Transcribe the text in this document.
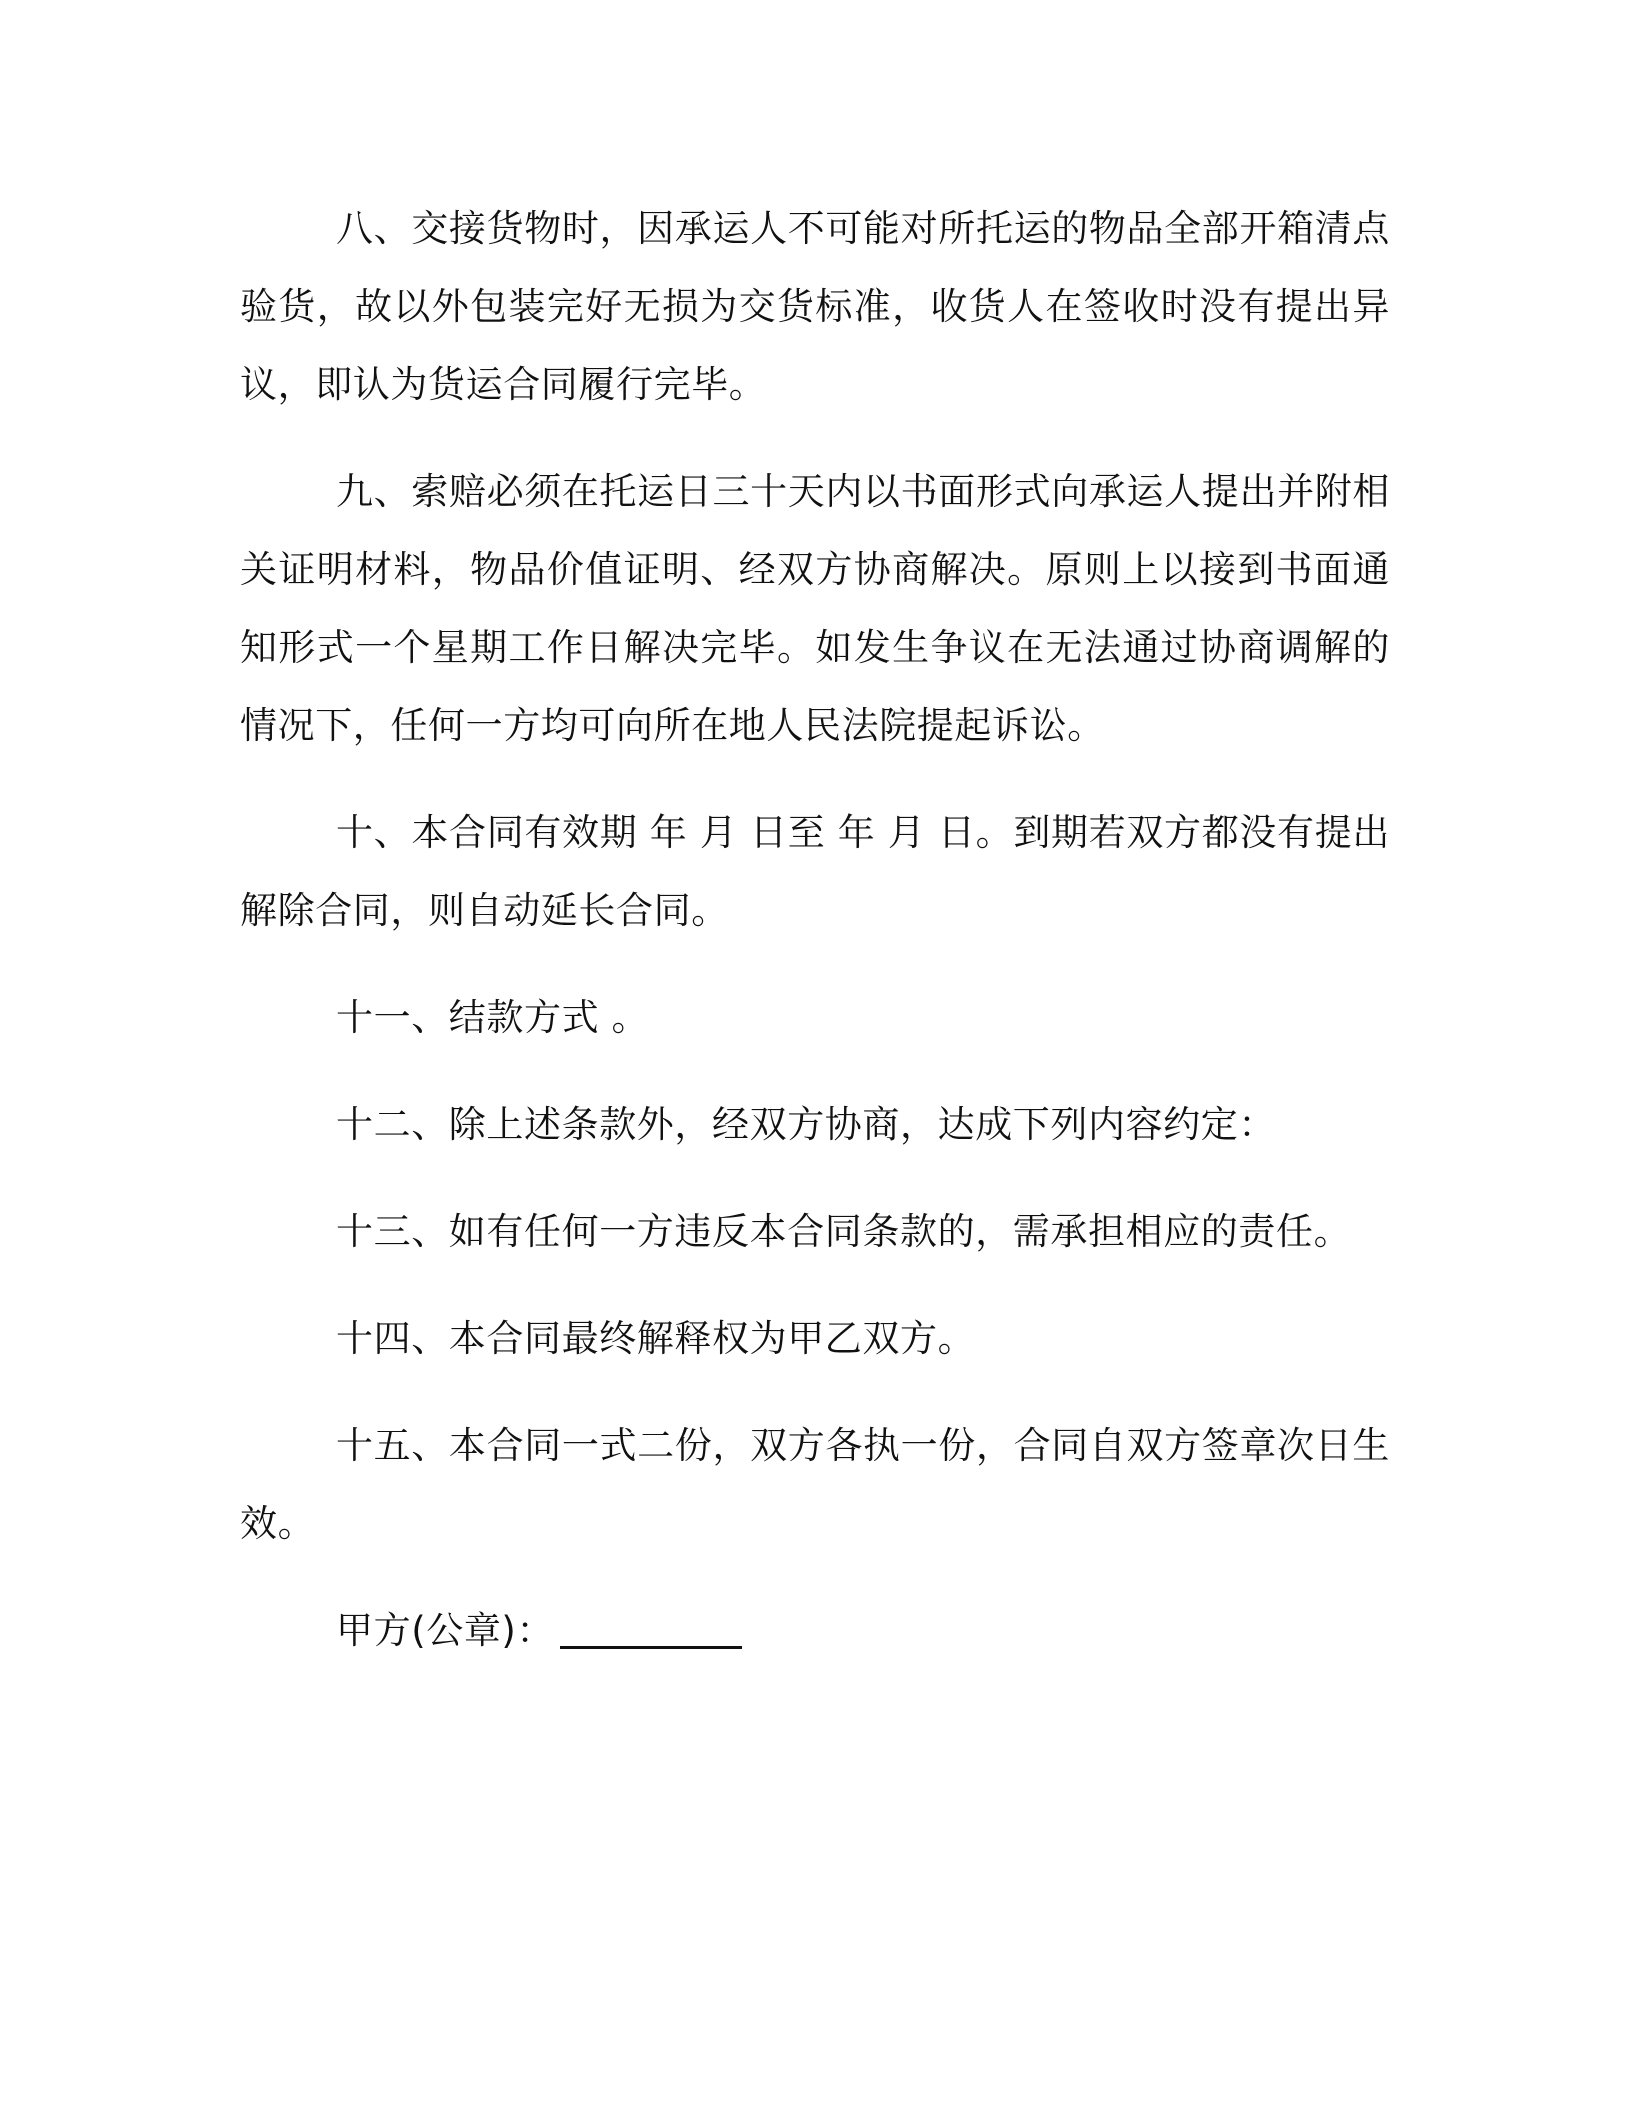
八、交接货物时，因承运人不可能对所托运的物品全部开箱清点验货，故以外包装完好无损为交货标准，收货人在签收时没有提出异议，即认为货运合同履行完毕。

九、索赔必须在托运日三十天内以书面形式向承运人提出并附相关证明材料，物品价值证明、经双方协商解决。原则上以接到书面通知形式一个星期工作日解决完毕。如发生争议在无法通过协商调解的情况下，任何一方均可向所在地人民法院提起诉讼。

十、本合同有效期 年 月 日至 年 月 日。到期若双方都没有提出解除合同，则自动延长合同。

十一、结款方式 。

十二、除上述条款外，经双方协商，达成下列内容约定：

十三、如有任何一方违反本合同条款的，需承担相应的责任。

十四、本合同最终解释权为甲乙双方。

十五、本合同一式二份，双方各执一份，合同自双方签章次日生效。

甲方(公章)：
